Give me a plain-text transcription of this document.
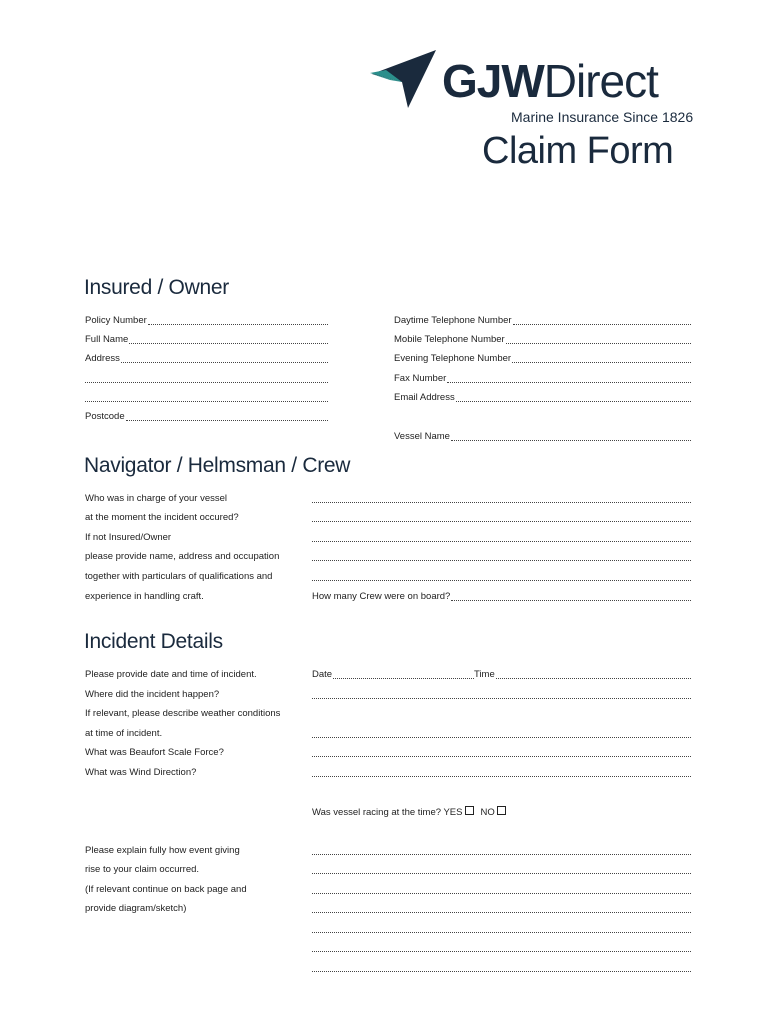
GJWDirect
Marine Insurance Since 1826
Claim Form
Insured / Owner
Policy Number
Full Name
Address
Postcode
Daytime Telephone Number
Mobile Telephone Number
Evening Telephone Number
Fax Number
Email Address
Vessel Name
Navigator / Helmsman / Crew
Who was in charge of your vessel
at the moment the incident occured?
If not Insured/Owner
please provide name, address and occupation
together with particulars of qualifications and
experience in handling craft.	How many Crew were on board?
Incident Details
Please provide date and time of incident.	Date	Time
Where did the incident happen?
If relevant, please describe weather conditions
at time of incident.
What was Beaufort Scale Force?
What was Wind Direction?
Was vessel racing at the time? YES NO
Please explain fully how event giving
rise to your claim occurred.
(If relevant continue on back page and
provide diagram/sketch)
